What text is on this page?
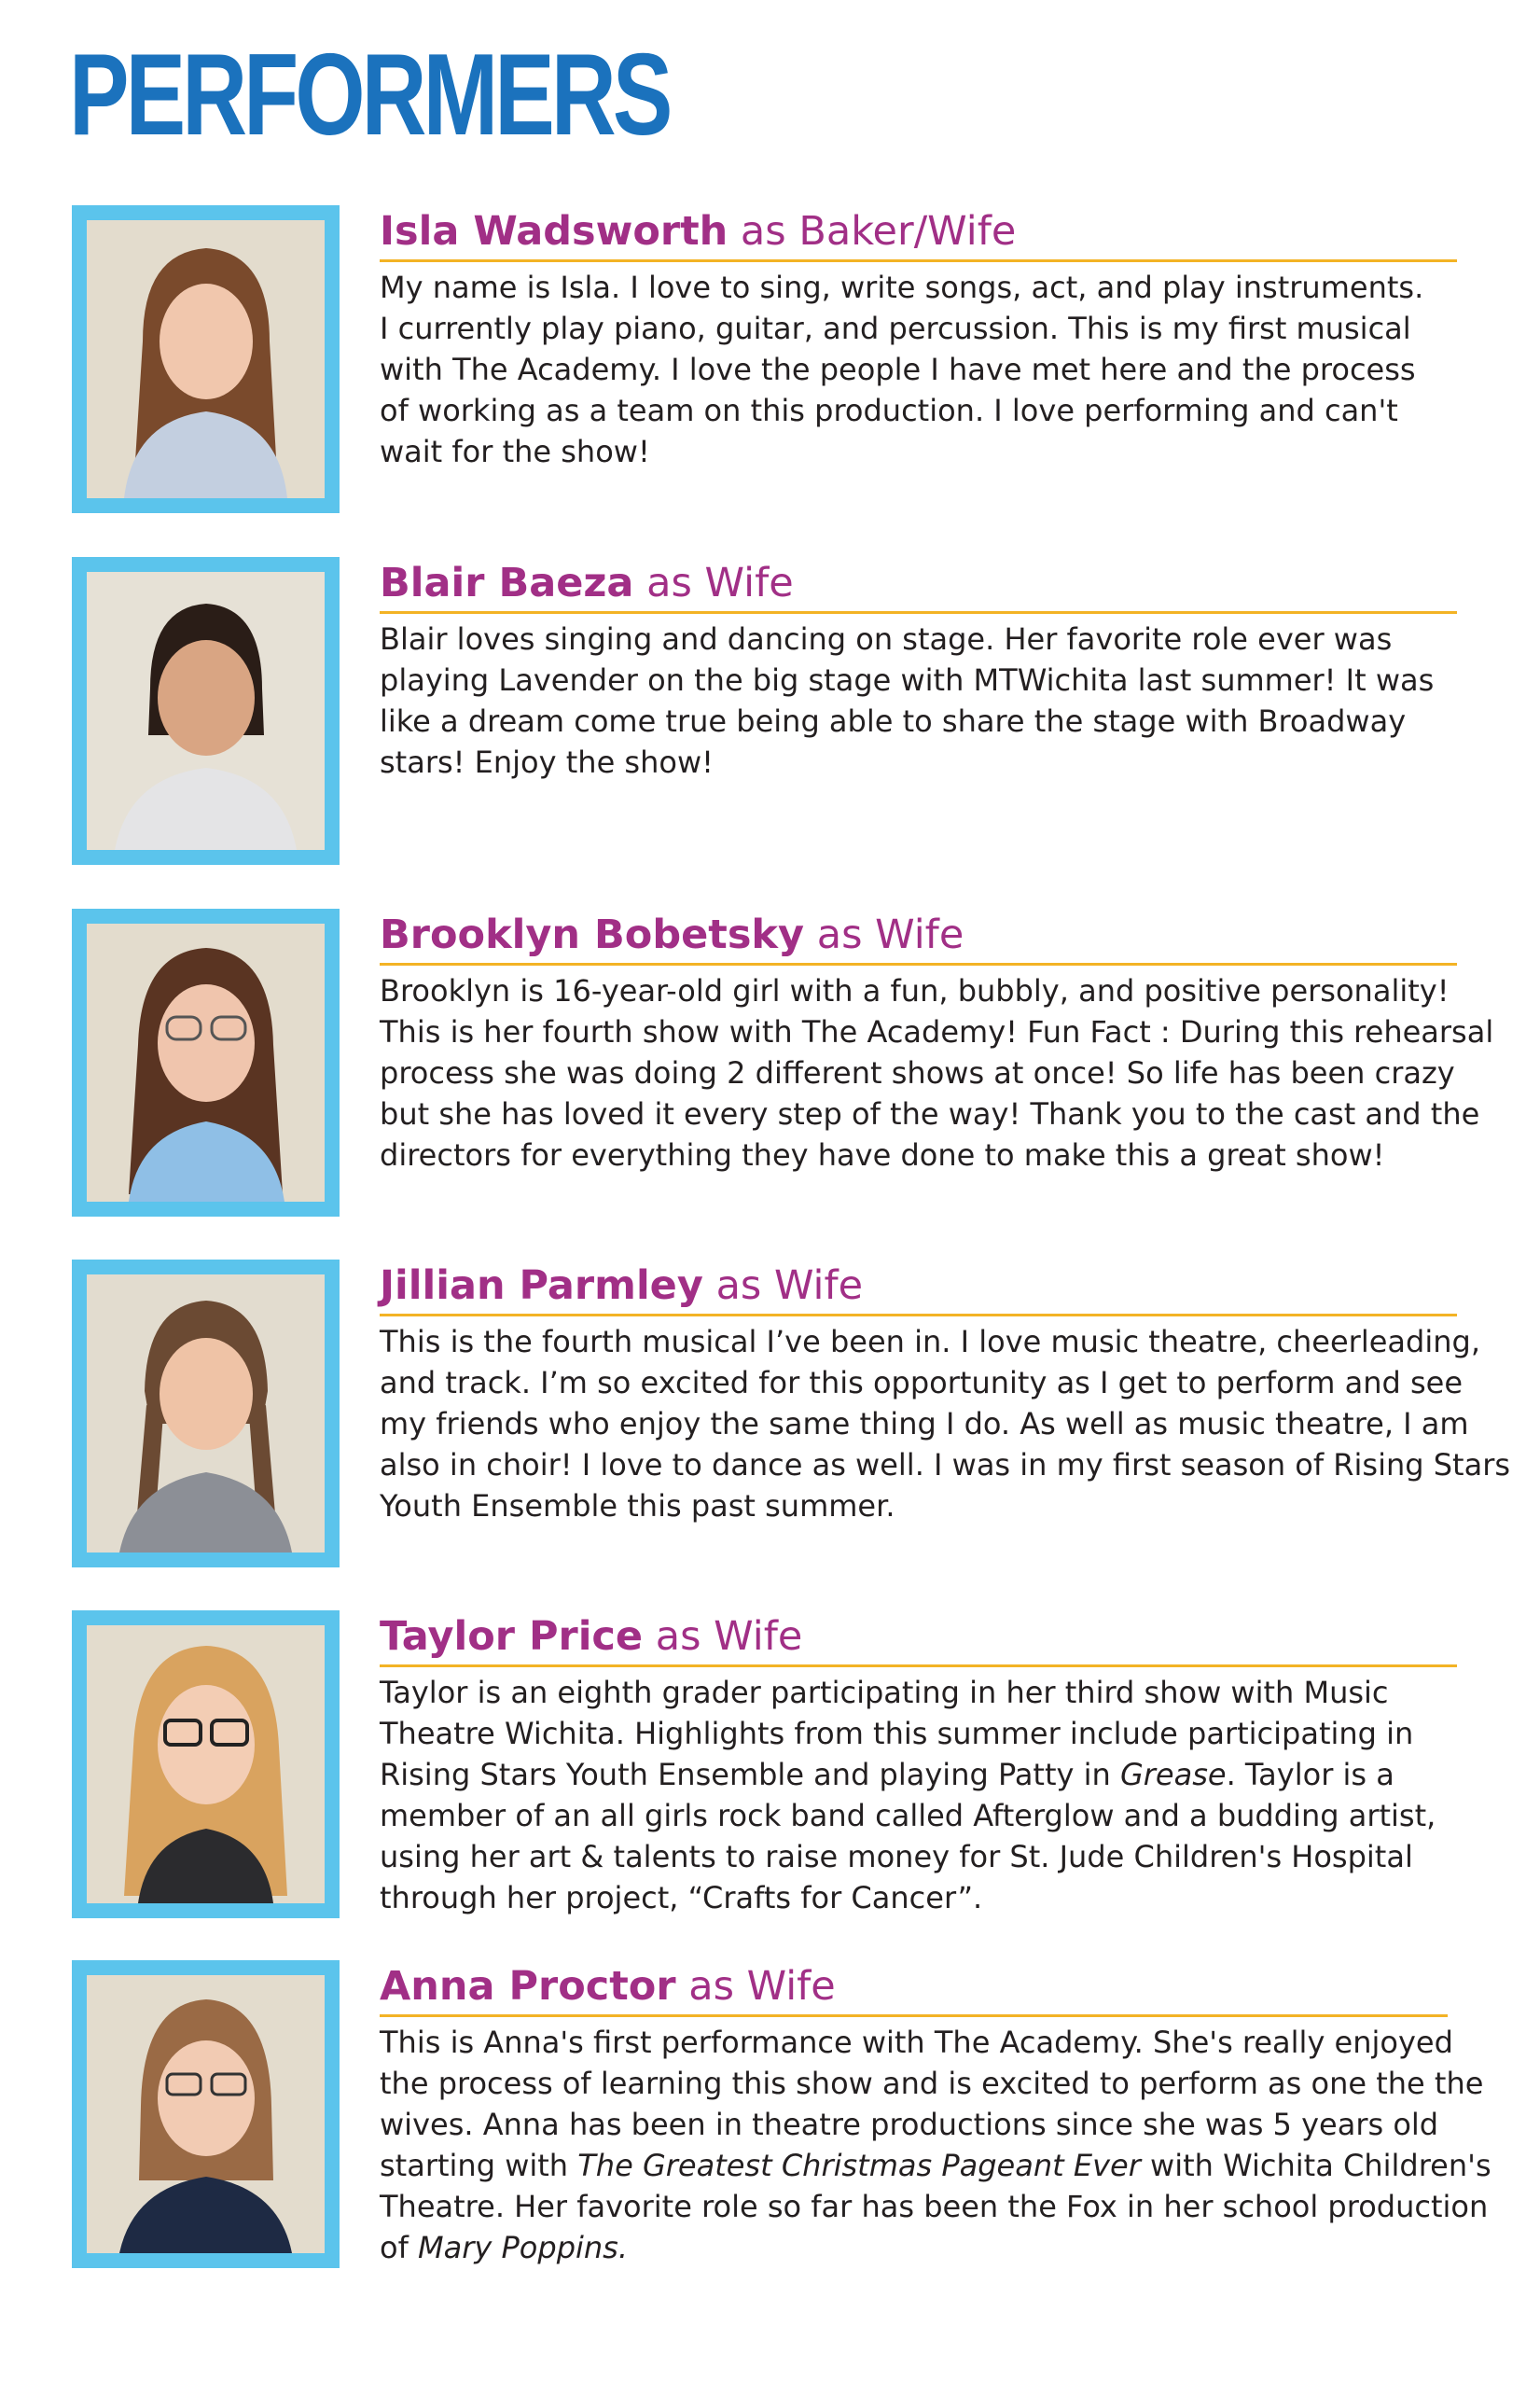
PERFORMERS
Isla Wadsworth as Baker/Wife

My name is Isla. I love to sing, write songs, act, and play instruments.
I currently play piano, guitar, and percussion. This is my first musical
with The Academy. I love the people I have met here and the process
of working as a team on this production. I love performing and can't
wait for the show!

Blair Baeza as Wife

Blair loves singing and dancing on stage. Her favorite role ever was
playing Lavender on the big stage with MTWichita last summer! It was
like a dream come true being able to share the stage with Broadway
stars! Enjoy the show!

Brooklyn Bobetsky as Wife

Brooklyn is 16-year-old girl with a fun, bubbly, and positive personality!
This is her fourth show with The Academy! Fun Fact : During this rehearsal
process she was doing 2 different shows at once! So life has been crazy
but she has loved it every step of the way! Thank you to the cast and the
directors for everything they have done to make this a great show!

Jillian Parmley as Wife

This is the fourth musical I’ve been in. I love music theatre, cheerleading,
and track. I’m so excited for this opportunity as I get to perform and see
my friends who enjoy the same thing I do. As well as music theatre, I am
also in choir! I love to dance as well. I was in my first season of Rising Stars
Youth Ensemble this past summer.

Taylor Price as Wife

Taylor is an eighth grader participating in her third show with Music
Theatre Wichita. Highlights from this summer include participating in
Rising Stars Youth Ensemble and playing Patty in Grease. Taylor is a
member of an all girls rock band called Afterglow and a budding artist,
using her art & talents to raise money for St. Jude Children's Hospital
through her project, “Crafts for Cancer”.

Anna Proctor as Wife

This is Anna's first performance with The Academy. She's really enjoyed
the process of learning this show and is excited to perform as one the the
wives. Anna has been in theatre productions since she was 5 years old
starting with The Greatest Christmas Pageant Ever with Wichita Children's
Theatre. Her favorite role so far has been the Fox in her school production
of Mary Poppins.
